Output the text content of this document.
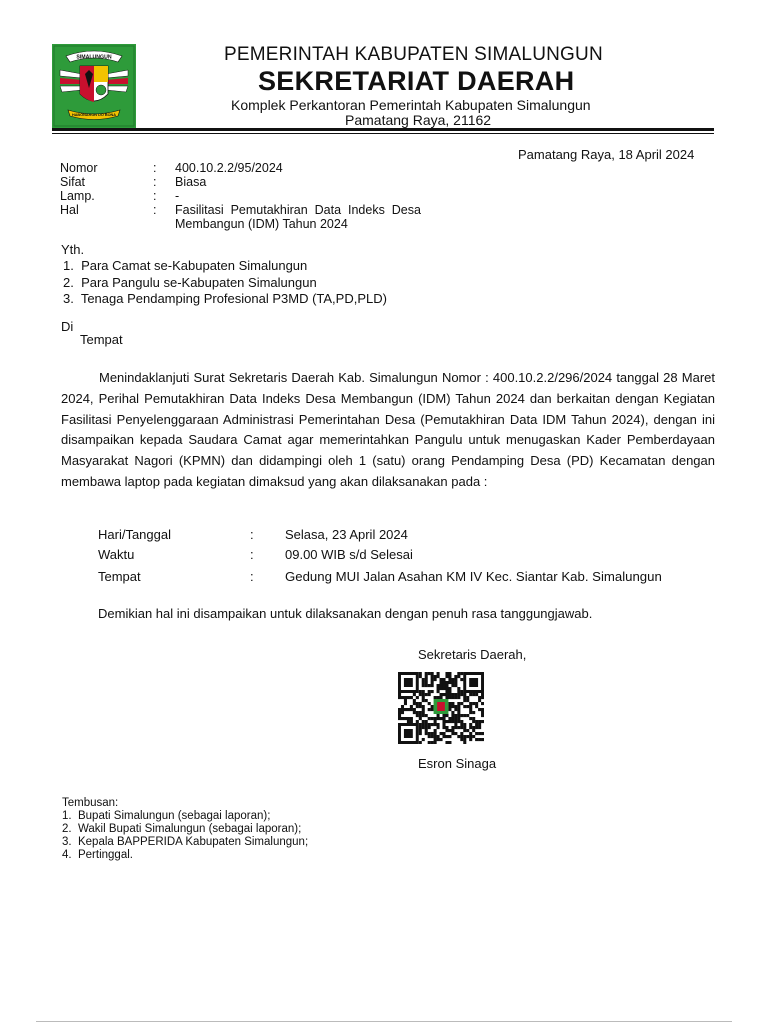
SIMALUNGUN
HABONARON DO BONA
PEMERINTAH KABUPATEN SIMALUNGUN
SEKRETARIAT DAERAH
Komplek Perkantoran Pemerintah Kabupaten Simalungun
Pamatang Raya, 21162
Pamatang Raya, 18 April 2024
Nomor	: 400.10.2.2/95/2024
Sifat	: Biasa
Lamp.	: -
Hal	: Fasilitasi  Pemutakhiran  Data  Indeks  Desa
Membangun (IDM) Tahun 2024
Yth.
1.  Para Camat se-Kabupaten Simalungun
2.  Para Pangulu se-Kabupaten Simalungun
3.  Tenaga Pendamping Profesional P3MD (TA,PD,PLD)
Di
Tempat
Menindaklanjuti Surat Sekretaris Daerah Kab. Simalungun Nomor : 400.10.2.2/296/2024 tanggal 28 Maret 2024, Perihal Pemutakhiran Data Indeks Desa Membangun (IDM) Tahun 2024 dan berkaitan dengan Kegiatan Fasilitasi Penyelenggaraan Administrasi Pemerintahan Desa (Pemutakhiran Data IDM Tahun 2024), dengan ini disampaikan kepada Saudara Camat agar memerintahkan Pangulu untuk menugaskan Kader Pemberdayaan Masyarakat Nagori (KPMN) dan didampingi oleh 1 (satu) orang Pendamping Desa (PD) Kecamatan dengan membawa laptop pada kegiatan dimaksud yang akan dilaksanakan pada :
Hari/Tanggal	: Selasa, 23 April 2024
Waktu	: 09.00 WIB s/d Selesai
Tempat	: Gedung MUI Jalan Asahan KM IV Kec. Siantar Kab. Simalungun
Demikian hal ini disampaikan untuk dilaksanakan dengan penuh rasa tanggungjawab.
Sekretaris Daerah,
Esron Sinaga
Tembusan:
1.  Bupati Simalungun (sebagai laporan);
2.  Wakil Bupati Simalungun (sebagai laporan);
3.  Kepala BAPPERIDA Kabupaten Simalungun;
4.  Pertinggal.
